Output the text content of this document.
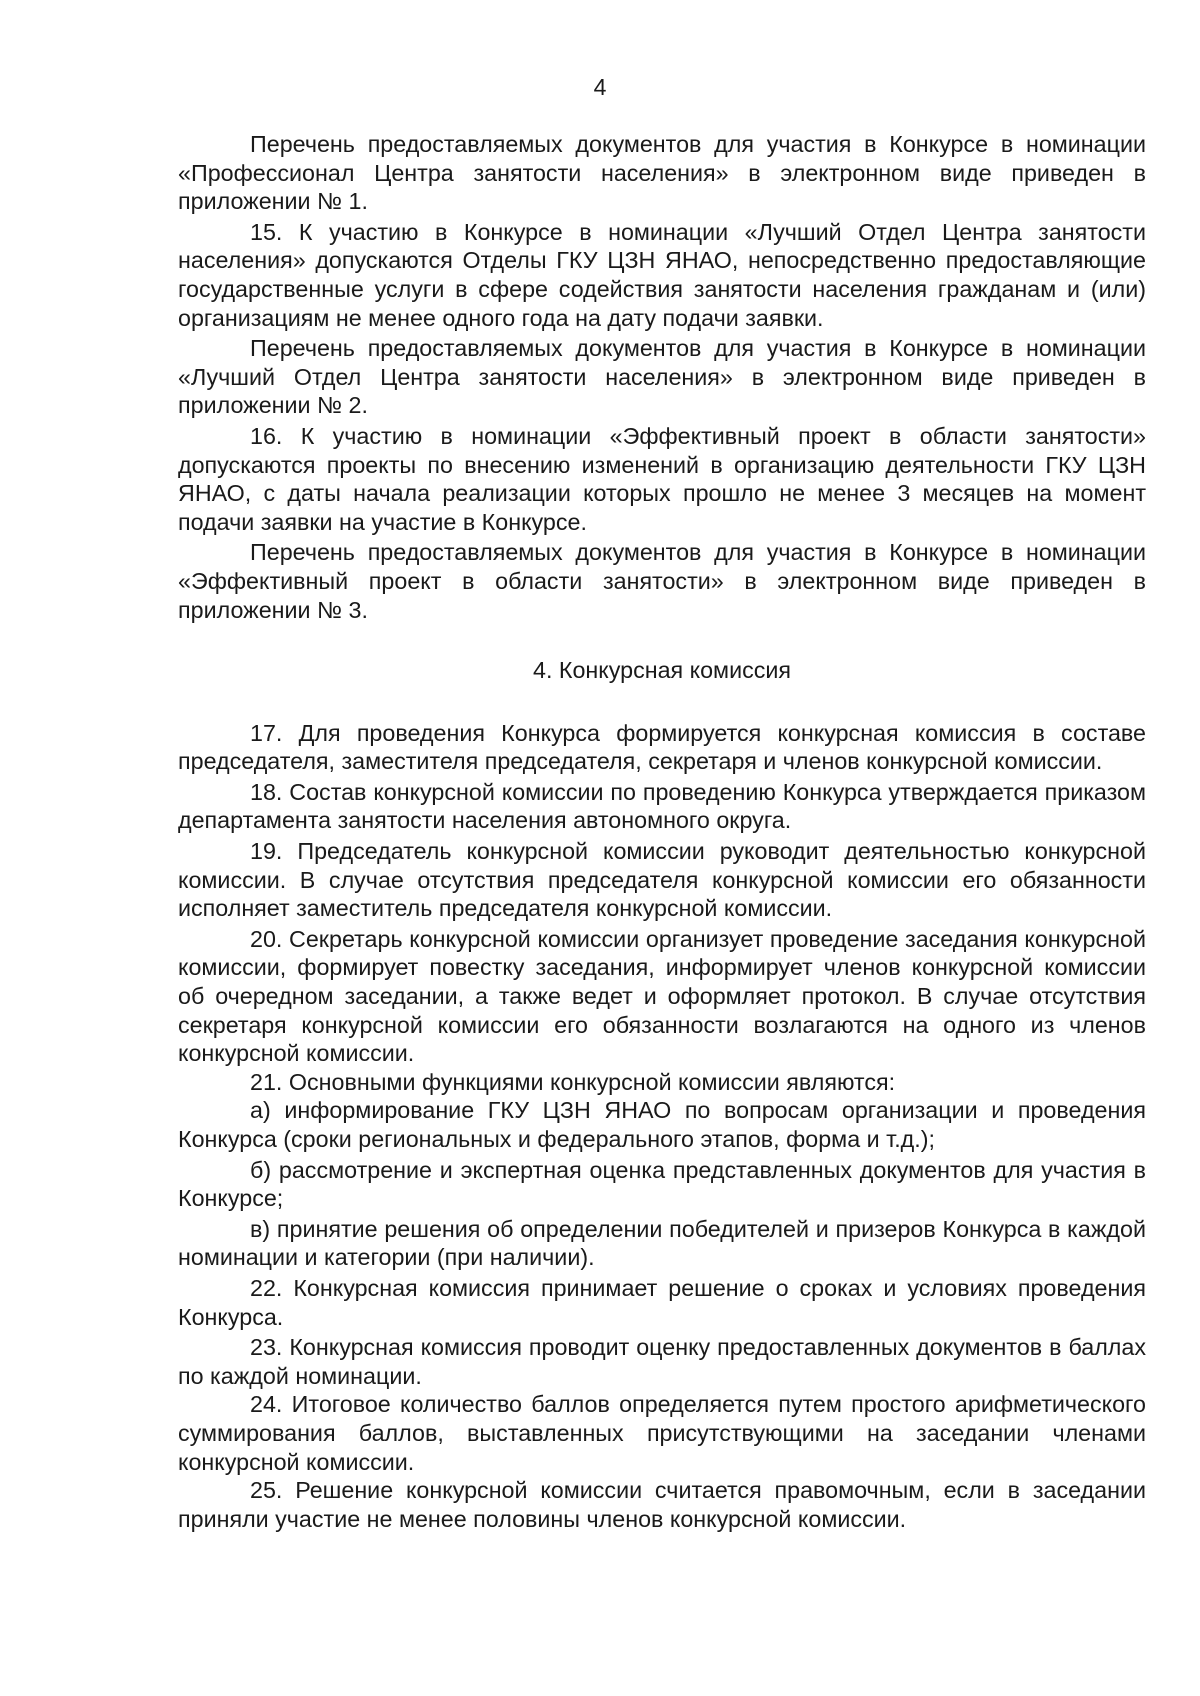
4

Перечень предоставляемых документов для участия в Конкурсе в номинации «Профессионал Центра занятости населения» в электронном виде приведен в приложении № 1.

15. К участию в Конкурсе в номинации «Лучший Отдел Центра занятости населения» допускаются Отделы ГКУ ЦЗН ЯНАО, непосредственно предоставляющие государственные услуги в сфере содействия занятости населения гражданам и (или) организациям не менее одного года на дату подачи заявки.

Перечень предоставляемых документов для участия в Конкурсе в номинации «Лучший Отдел Центра занятости населения» в электронном виде приведен в приложении № 2.

16. К участию в номинации «Эффективный проект в области занятости» допускаются проекты по внесению изменений в организацию деятельности ГКУ ЦЗН ЯНАО, с даты начала реализации которых прошло не менее 3 месяцев на момент подачи заявки на участие в Конкурсе.

Перечень предоставляемых документов для участия в Конкурсе в номинации «Эффективный проект в области занятости» в электронном виде приведен в приложении № 3.

4. Конкурсная комиссия

17. Для проведения Конкурса формируется конкурсная комиссия в составе председателя, заместителя председателя, секретаря и членов конкурсной комиссии.

18. Состав конкурсной комиссии по проведению Конкурса утверждается приказом департамента занятости населения автономного округа.

19. Председатель конкурсной комиссии руководит деятельностью конкурсной комиссии. В случае отсутствия председателя конкурсной комиссии его обязанности исполняет заместитель председателя конкурсной комиссии.

20. Секретарь конкурсной комиссии организует проведение заседания конкурсной комиссии, формирует повестку заседания, информирует членов конкурсной комиссии об очередном заседании, а также ведет и оформляет протокол. В случае отсутствия секретаря конкурсной комиссии его обязанности возлагаются на одного из членов конкурсной комиссии.

21. Основными функциями конкурсной комиссии являются:

а) информирование ГКУ ЦЗН ЯНАО по вопросам организации и проведения Конкурса (сроки региональных и федерального этапов, форма и т.д.);

б) рассмотрение и экспертная оценка представленных документов для участия в Конкурсе;

в) принятие решения об определении победителей и призеров Конкурса в каждой номинации и категории (при наличии).

22. Конкурсная комиссия принимает решение о сроках и условиях проведения Конкурса.

23. Конкурсная комиссия проводит оценку предоставленных документов в баллах по каждой номинации.

24. Итоговое количество баллов определяется путем простого арифметического суммирования баллов, выставленных присутствующими на заседании членами конкурсной комиссии.

25. Решение конкурсной комиссии считается правомочным, если в заседании приняли участие не менее половины членов конкурсной комиссии.
